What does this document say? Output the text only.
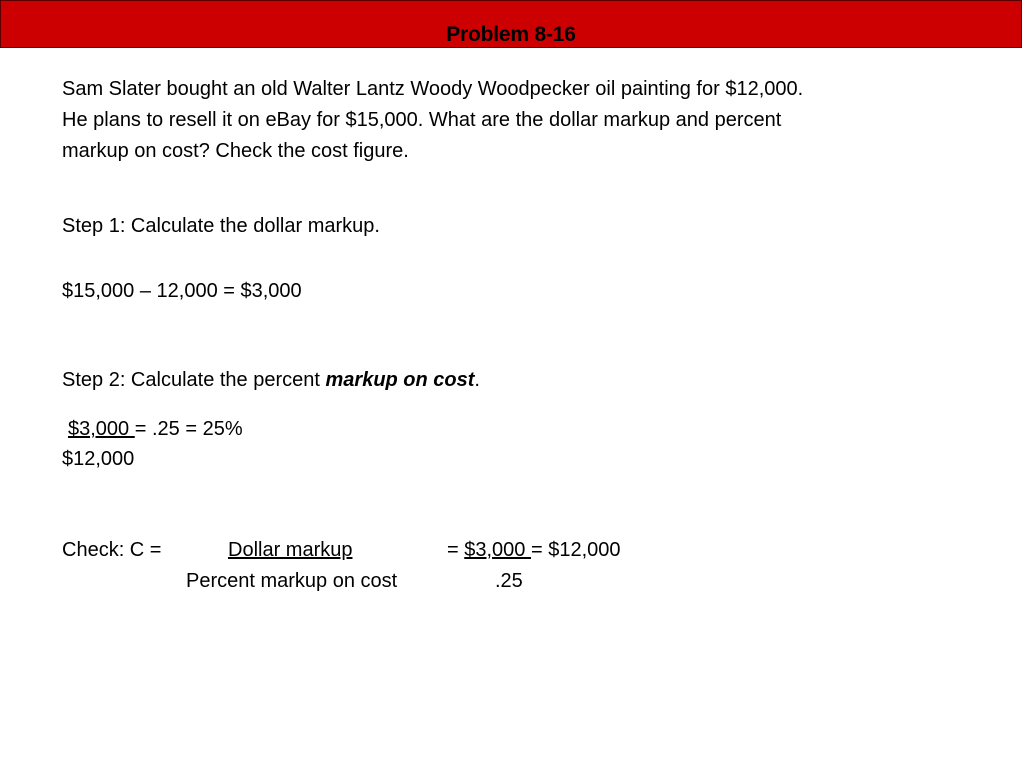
Problem 8-16
Sam Slater bought an old Walter Lantz Woody Woodpecker oil painting for $12,000.
He plans to resell it on eBay for $15,000. What are the dollar markup and percent
markup on cost? Check the cost figure.
Step 1: Calculate the dollar markup.
$15,000 – 12,000 = $3,000
Step 2: Calculate the percent markup on cost.
$3,000 = .25 = 25%
$12,000
Check: C =	Dollar markup	= $3,000 = $12,000
Percent markup on cost	.25
